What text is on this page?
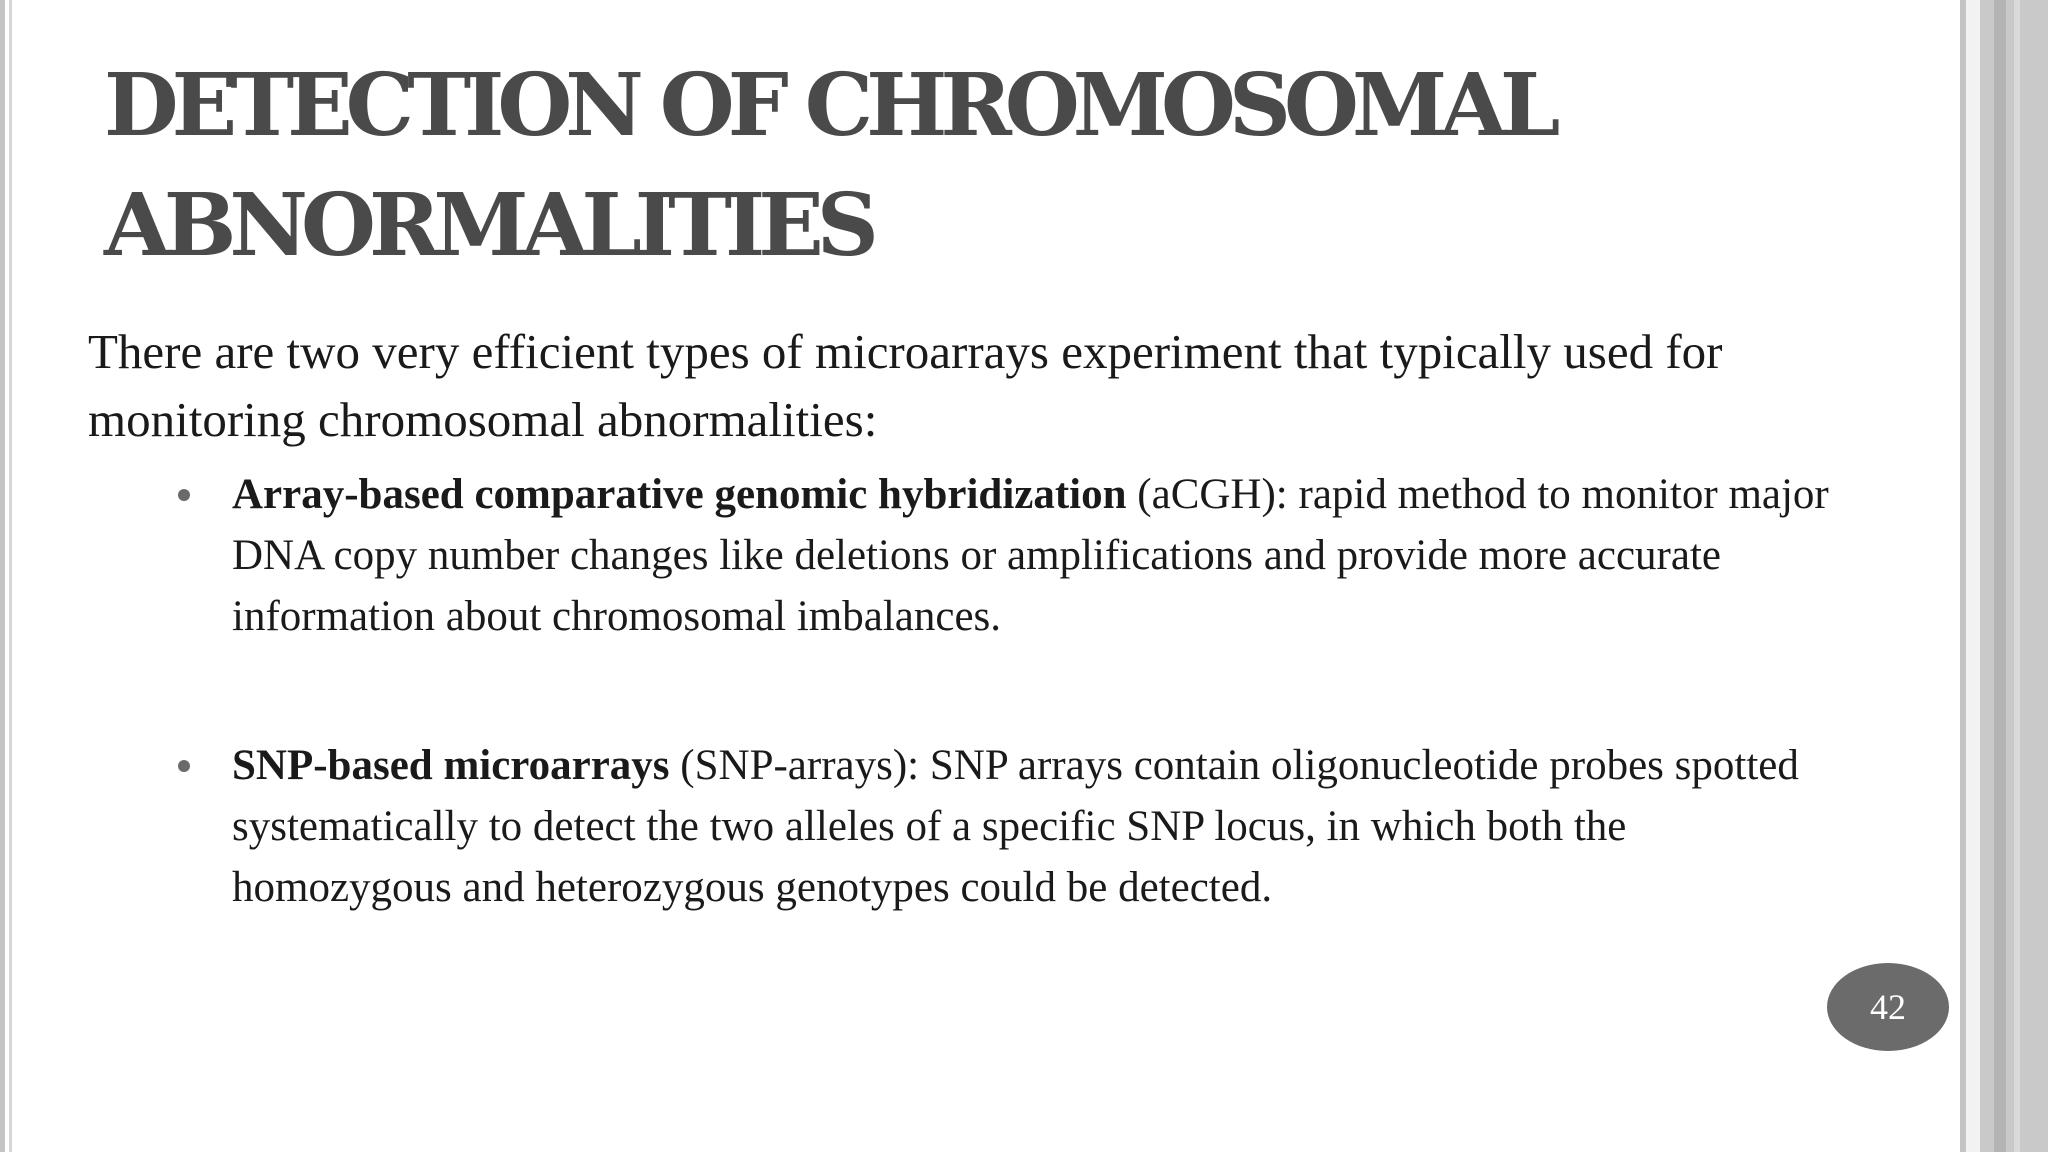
DETECTION OF CHROMOSOMAL
ABNORMALITIES

There are two very efficient types of microarrays experiment that typically used for monitoring chromosomal abnormalities:

Array-based comparative genomic hybridization (aCGH): rapid method to monitor major DNA copy number changes like deletions or amplifications and provide more accurate information about chromosomal imbalances.
SNP-based microarrays (SNP-arrays): SNP arrays contain oligonucleotide probes spotted systematically to detect the two alleles of a specific SNP locus, in which both the homozygous and heterozygous genotypes could be detected.
42
